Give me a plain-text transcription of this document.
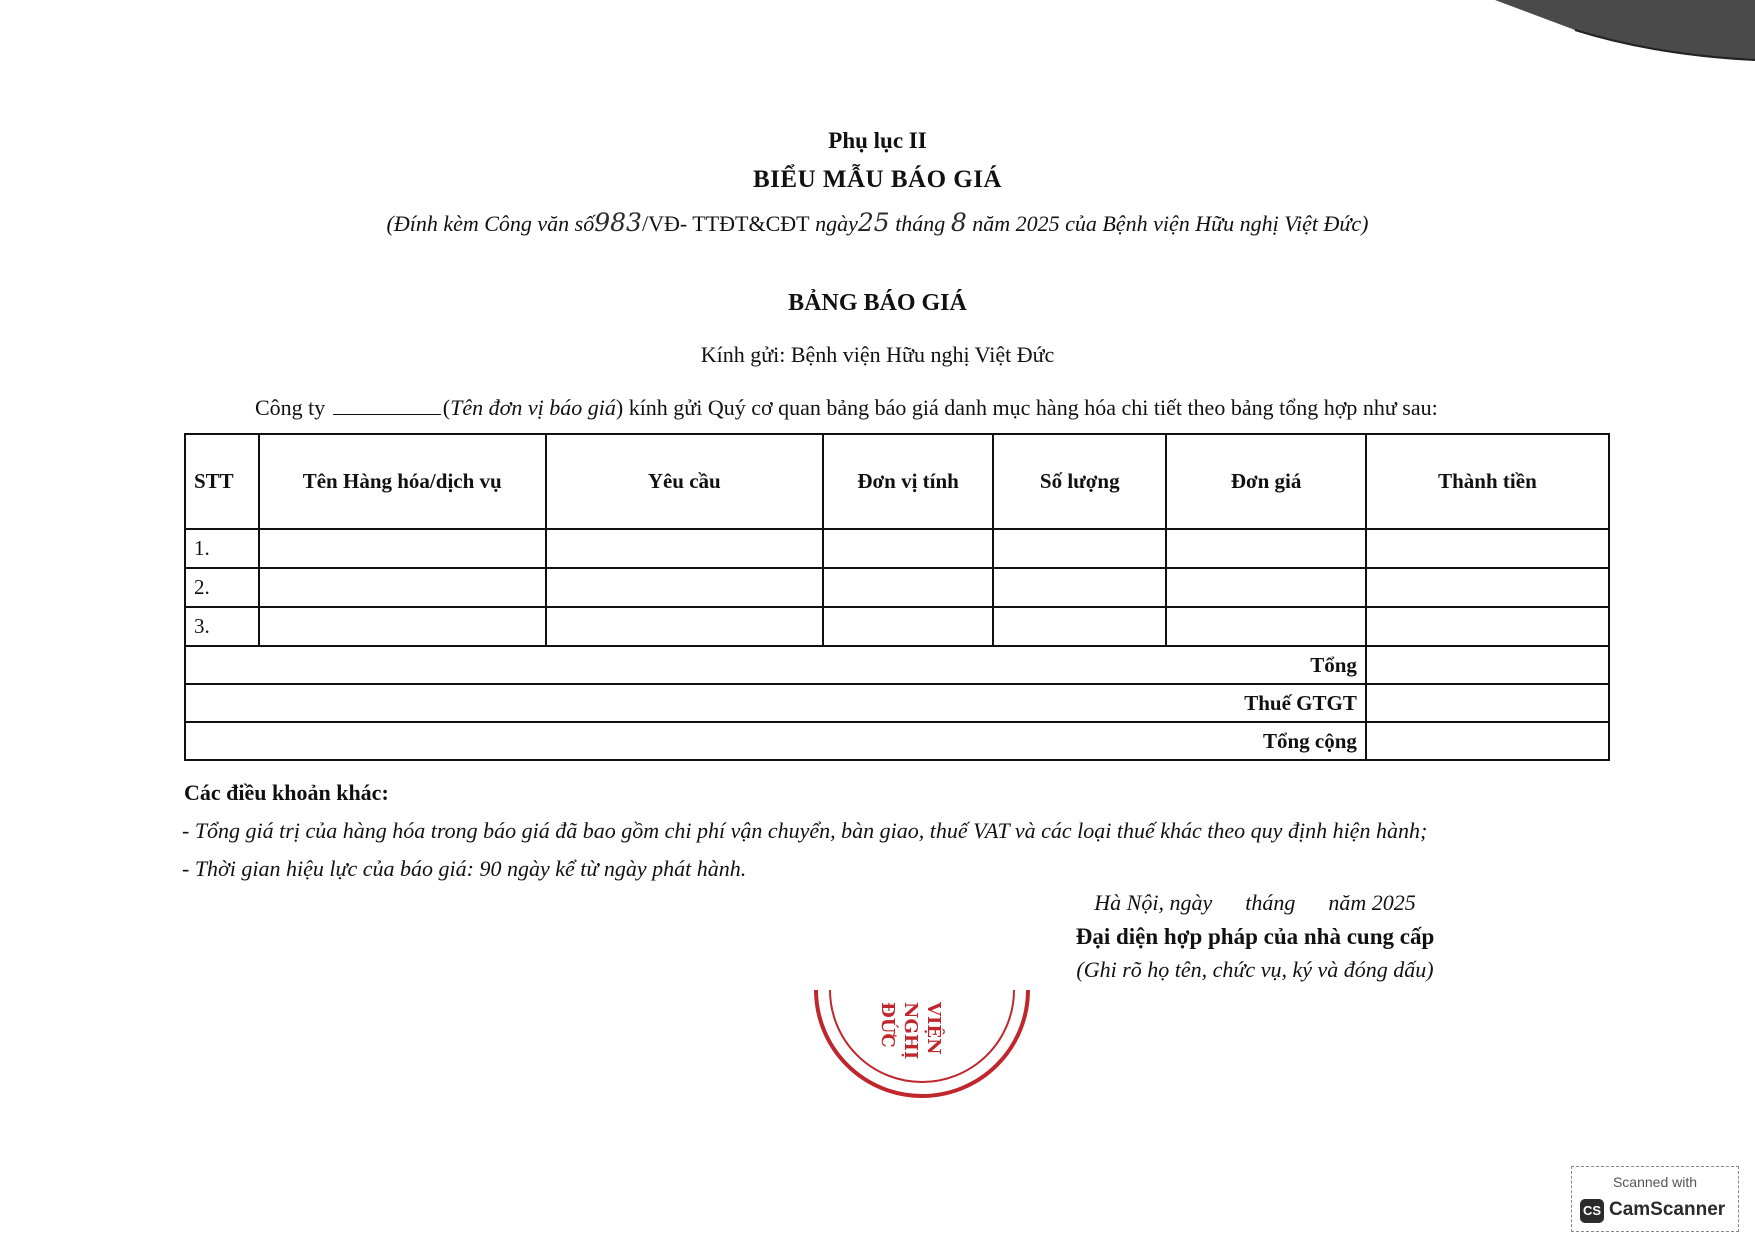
Phụ lục II
BIỂU MẪU BÁO GIÁ
(Đính kèm Công văn số983/VĐ- TTĐT&CĐT ngày25 tháng 8 năm 2025 của Bệnh viện Hữu nghị Việt Đức)
BẢNG BÁO GIÁ
Kính gửi: Bệnh viện Hữu nghị Việt Đức
Công ty	(Tên đơn vị báo giá) kính gửi Quý cơ quan bảng báo giá danh mục hàng hóa chi tiết theo bảng tổng hợp như sau:
STT	Tên Hàng hóa/dịch vụ	Yêu cầu	Đơn vị tính	Số lượng	Đơn giá	Thành tiền
1.						
2.						
3.						
Tổng						
Thuế GTGT						
Tổng cộng						
Các điều khoản khác:
- Tổng giá trị của hàng hóa trong báo giá đã bao gồm chi phí vận chuyển, bàn giao, thuế VAT và các loại thuế khác theo quy định hiện hành;
- Thời gian hiệu lực của báo giá: 90 ngày kể từ ngày phát hành.
Hà Nội, ngày      tháng      năm 2025
Đại diện hợp pháp của nhà cung cấp
(Ghi rõ họ tên, chức vụ, ký và đóng dấu)
VIỆN
NGHỊ
ĐỨC
Scanned with
CS CamScanner
